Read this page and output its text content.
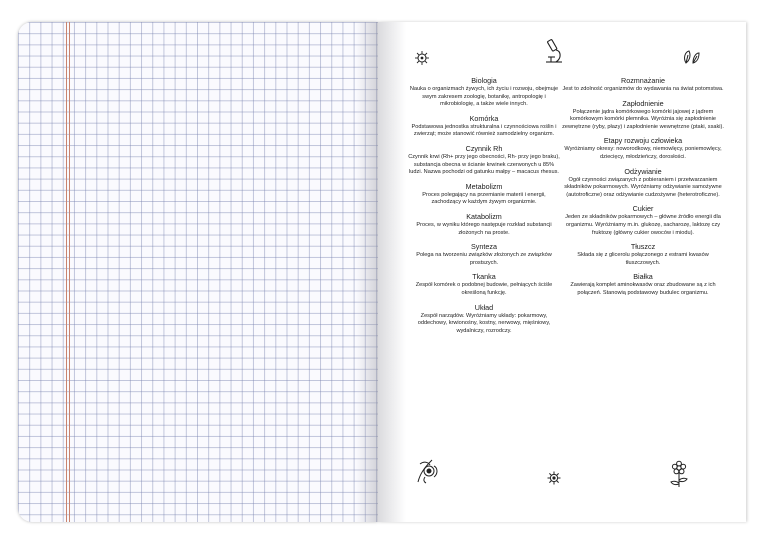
Biologia
Nauka o organizmach żywych, ich życiu i rozwoju, obejmuje swym zakresem zoologię, botanikę, antropologię i mikrobiologię, a także wiele innych.
Komórka
Podstawowa jednostka strukturalna i czynnościowa roślin i zwierząt; może stanowić również samodzielny organizm.
Czynnik Rh
Czynnik krwi (Rh+ przy jego obecności, Rh- przy jego braku), substancja obecna w ścianie krwinek czerwonych u 85% ludzi. Nazwa pochodzi od gatunku małpy – macacus rhesus.
Metabolizm
Proces polegający na przemianie materii i energii, zachodzący w każdym żywym organizmie.
Katabolizm
Proces, w wyniku którego następuje rozkład substancji złożonych na proste.
Synteza
Polega na tworzeniu związków złożonych ze związków prostszych.
Tkanka
Zespół komórek o podobnej budowie, pełniących ściśle określoną funkcję.
Układ
Zespół narządów. Wyróżniamy układy: pokarmowy, oddechowy, krwionośny, kostny, nerwowy, mięśniowy, wydalniczy, rozrodczy.
Rozmnażanie
Jest to zdolność organizmów do wydawania na świat potomstwa.
Zapłodnienie
Połączenie jądra komórkowego komórki jajowej z jądrem komórkowym komórki plemnika. Wyróżnia się zapłodnienie zewnętrzne (ryby, płazy) i zapłodnienie wewnętrzne (ptaki, ssaki).
Etapy rozwoju człowieka
Wyróżniamy okresy: noworodkowy, niemowlęcy, poniemowlęcy, dziecięcy, młodzieńczy, dorosłości.
Odżywianie
Ogół czynności związanych z pobieraniem i przetwarzaniem składników pokarmowych. Wyróżniamy odżywianie samożywne (autotroficzne) oraz odżywianie cudzożywne (heterotroficzne).
Cukier
Jeden ze składników pokarmowych – główne źródło energii dla organizmu. Wyróżniamy m.in. glukozę, sacharozę, laktozę czy fruktozę (główny cukier owoców i miodu).
Tłuszcz
Składa się z glicerolu połączonego z estrami kwasów tłuszczowych.
Białka
Zawierają komplet aminokwasów oraz zbudowane są z ich połączeń. Stanowią podstawowy budulec organizmu.
